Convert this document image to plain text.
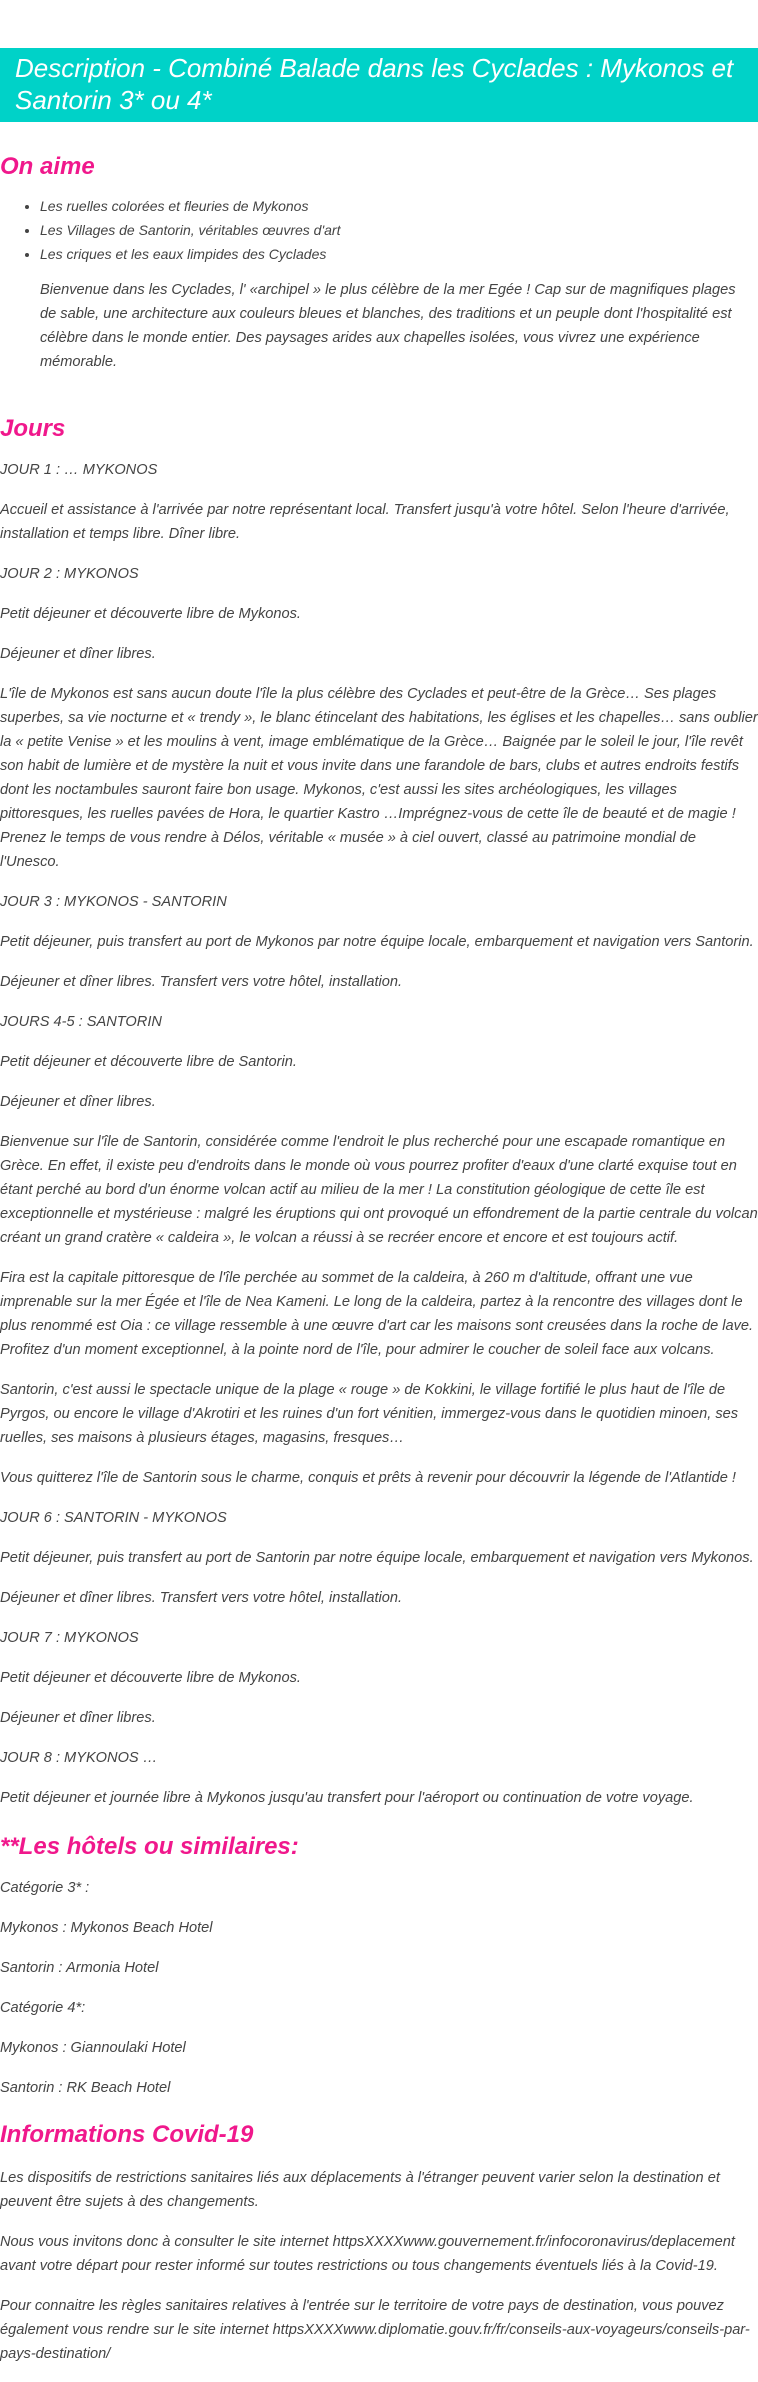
Description - Combiné Balade dans les Cyclades : Mykonos et Santorin 3* ou 4*
On aime
• Les ruelles colorées et fleuries de Mykonos
• Les Villages de Santorin, véritables œuvres d'art
• Les criques et les eaux limpides des Cyclades

Bienvenue dans les Cyclades, l' «archipel » le plus célèbre de la mer Egée ! Cap sur de magnifiques plages de sable, une architecture aux couleurs bleues et blanches, des traditions et un peuple dont l'hospitalité est célèbre dans le monde entier. Des paysages arides aux chapelles isolées, vous vivrez une expérience mémorable.

Jours

JOUR 1 : … MYKONOS

Accueil et assistance à l'arrivée par notre représentant local. Transfert jusqu'à votre hôtel. Selon l'heure d'arrivée, installation et temps libre. Dîner libre.

JOUR 2 : MYKONOS

Petit déjeuner et découverte libre de Mykonos.

Déjeuner et dîner libres.

L'île de Mykonos est sans aucun doute l'île la plus célèbre des Cyclades et peut-être de la Grèce… Ses plages superbes, sa vie nocturne et « trendy », le blanc étincelant des habitations, les églises et les chapelles… sans oublier la « petite Venise » et les moulins à vent, image emblématique de la Grèce… Baignée par le soleil le jour, l'île revêt son habit de lumière et de mystère la nuit et vous invite dans une farandole de bars, clubs et autres endroits festifs dont les noctambules sauront faire bon usage. Mykonos, c'est aussi les sites archéologiques, les villages pittoresques, les ruelles pavées de Hora, le quartier Kastro …Imprégnez-vous de cette île de beauté et de magie ! Prenez le temps de vous rendre à Délos, véritable « musée » à ciel ouvert, classé au patrimoine mondial de l'Unesco.

JOUR 3 : MYKONOS - SANTORIN

Petit déjeuner, puis transfert au port de Mykonos par notre équipe locale, embarquement et navigation vers Santorin.

Déjeuner et dîner libres. Transfert vers votre hôtel, installation.

JOURS 4-5 : SANTORIN

Petit déjeuner et découverte libre de Santorin.

Déjeuner et dîner libres.

Bienvenue sur l'île de Santorin, considérée comme l'endroit le plus recherché pour une escapade romantique en Grèce. En effet, il existe peu d'endroits dans le monde où vous pourrez profiter d'eaux d'une clarté exquise tout en étant perché au bord d'un énorme volcan actif au milieu de la mer ! La constitution géologique de cette île est exceptionnelle et mystérieuse : malgré les éruptions qui ont provoqué un effondrement de la partie centrale du volcan créant un grand cratère « caldeira », le volcan a réussi à se recréer encore et encore et est toujours actif.

Fira est la capitale pittoresque de l'île perchée au sommet de la caldeira, à 260 m d'altitude, offrant une vue imprenable sur la mer Égée et l'île de Nea Kameni. Le long de la caldeira, partez à la rencontre des villages dont le plus renommé est Oia : ce village ressemble à une œuvre d'art car les maisons sont creusées dans la roche de lave. Profitez d'un moment exceptionnel, à la pointe nord de l'île, pour admirer le coucher de soleil face aux volcans.

Santorin, c'est aussi le spectacle unique de la plage « rouge » de Kokkini, le village fortifié le plus haut de l'île de Pyrgos, ou encore le village d'Akrotiri et les ruines d'un fort vénitien, immergez-vous dans le quotidien minoen, ses ruelles, ses maisons à plusieurs étages, magasins, fresques…

Vous quitterez l'île de Santorin sous le charme, conquis et prêts à revenir pour découvrir la légende de l'Atlantide !

JOUR 6 : SANTORIN - MYKONOS

Petit déjeuner, puis transfert au port de Santorin par notre équipe locale, embarquement et navigation vers Mykonos.

Déjeuner et dîner libres. Transfert vers votre hôtel, installation.

JOUR 7 : MYKONOS

Petit déjeuner et découverte libre de Mykonos.

Déjeuner et dîner libres.

JOUR 8 : MYKONOS …

Petit déjeuner et journée libre à Mykonos jusqu'au transfert pour l'aéroport ou continuation de votre voyage.

**Les hôtels ou similaires:

Catégorie 3* :

Mykonos : Mykonos Beach Hotel

Santorin : Armonia Hotel

Catégorie 4*:

Mykonos : Giannoulaki Hotel

Santorin : RK Beach Hotel

Informations Covid-19

Les dispositifs de restrictions sanitaires liés aux déplacements à l'étranger peuvent varier selon la destination et peuvent être sujets à des changements.

Nous vous invitons donc à consulter le site internet httpsXXXXwww.gouvernement.fr/infocoronavirus/deplacement avant votre départ pour rester informé sur toutes restrictions ou tous changements éventuels liés à la Covid-19.

Pour connaitre les règles sanitaires relatives à l'entrée sur le territoire de votre pays de destination, vous pouvez également vous rendre sur le site internet httpsXXXXwww.diplomatie.gouv.fr/fr/conseils-aux-voyageurs/conseils-par-pays-destination/
